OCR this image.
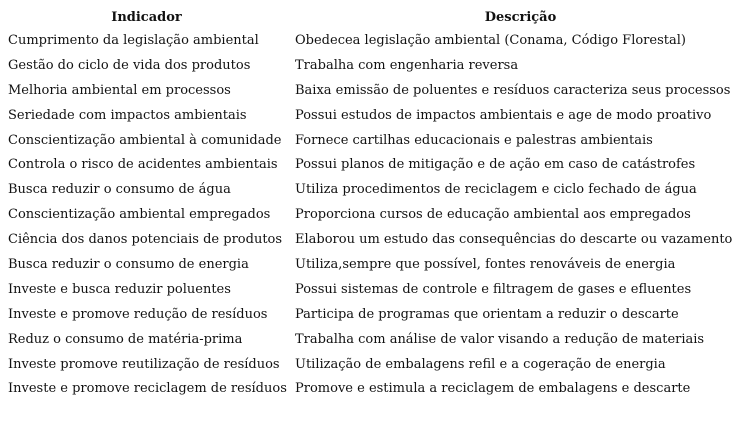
Indicador	Descrição
Cumprimento da legislação ambiental	Obedecea legislação ambiental (Conama, Código Florestal)
Gestão do ciclo de vida dos produtos	Trabalha com engenharia reversa
Melhoria ambiental em processos	Baixa emissão de poluentes e resíduos caracteriza seus processos
Seriedade com impactos ambientais	Possui estudos de impactos ambientais e age de modo proativo
Conscientização ambiental à comunidade	Fornece cartilhas educacionais e palestras ambientais
Controla o risco de acidentes ambientais	Possui planos de mitigação e de ação em caso de catástrofes
Busca reduzir o consumo de água	Utiliza procedimentos de reciclagem e ciclo fechado de água
Conscientização ambiental empregados	Proporciona cursos de educação ambiental aos empregados
Ciência dos danos potenciais de produtos	Elaborou um estudo das consequências do descarte ou vazamento
Busca reduzir o consumo de energia	Utiliza,sempre que possível, fontes renováveis de energia
Investe e busca reduzir poluentes	Possui sistemas de controle e filtragem de gases e efluentes
Investe e promove redução de resíduos	Participa de programas que orientam a reduzir o descarte
Reduz o consumo de matéria-prima	Trabalha com análise de valor visando a redução de materiais
Investe promove reutilização de resíduos	Utilização de embalagens refil e a cogeração de energia
Investe e promove reciclagem de resíduos	Promove e estimula a reciclagem de embalagens e descarte
